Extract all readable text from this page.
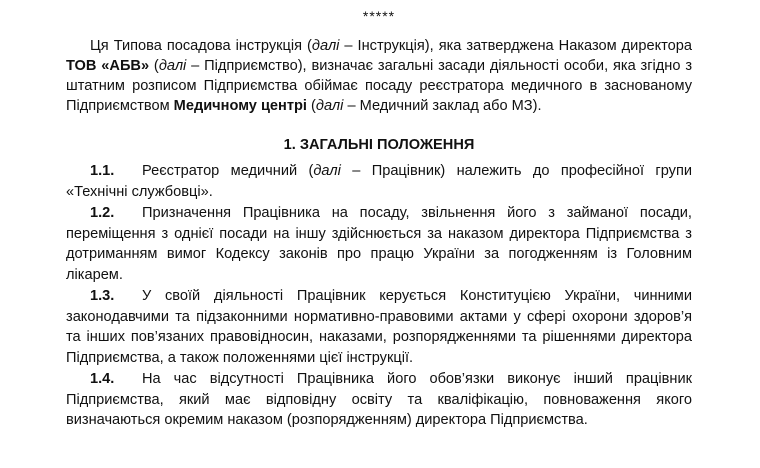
*****

Ця Типова посадова інструкція (далі – Інструкція), яка затверджена Наказом директора ТОВ «АБВ» (далі – Підприємство), визначає загальні засади діяльності особи, яка згідно з штатним розписом Підприємства обіймає посаду реєстратора медичного в заснованому Підприємством Медичному центрі (далі – Медичний заклад або МЗ).

1. ЗАГАЛЬНІ ПОЛОЖЕННЯ

1.1. Реєстратор медичний (далі – Працівник) належить до професійної групи «Технічні службовці».

1.2. Призначення Працівника на посаду, звільнення його з займаної посади, переміщення з однієї посади на іншу здійснюється за наказом директора Підприємства з дотриманням вимог Кодексу законів про працю України за погодженням із Головним лікарем.

1.3. У своїй діяльності Працівник керується Конституцією України, чинними законодавчими та підзаконними нормативно-правовими актами у сфері охорони здоров’я та інших пов’язаних правовідносин, наказами, розпорядженнями та рішеннями директора Підприємства, а також положеннями цієї інструкції.

1.4. На час відсутності Працівника його обов’язки виконує інший працівник Підприємства, який має відповідну освіту та кваліфікацію, повноваження якого визначаються окремим наказом (розпорядженням) директора Підприємства.
